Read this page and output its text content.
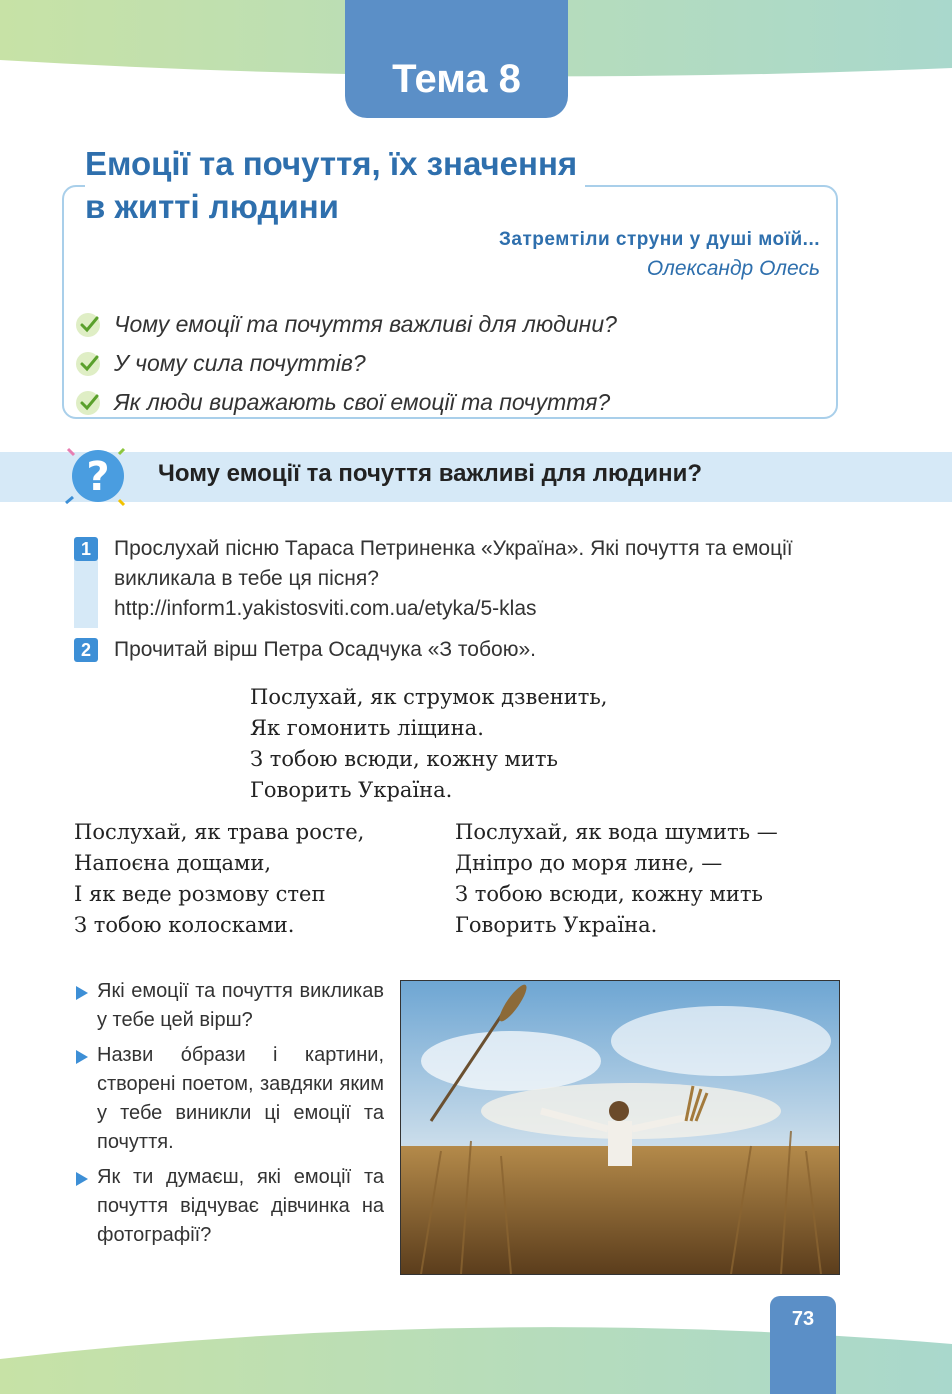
Тема 8
Емоції та почуття, їх значення
в житті людини
Затремтіли струни у душі моїй...
Олександр Олесь
Чому емоції та почуття важливі для людини?
У чому сила почуттів?
Як люди виражають свої емоції та почуття?
? Чому емоції та почуття важливі для людини?
1	Прослухай пісню Тараса Петриненка «Україна». Які почуття та емоції
викликала в тебе ця пісня?
http://inform1.yakistosviti.com.ua/etyka/5-klas
2	Прочитай вірш Петра Осадчука «З тобою».
Послухай, як струмок дзвенить,
Як гомонить ліщина.
З тобою всюди, кожну мить
Говорить Україна.
Послухай, як трава росте,
Напоєна дощами,
І як веде розмову степ
З тобою колосками.
Послухай, як вода шумить —
Дніпро до моря лине, —
З тобою всюди, кожну мить
Говорить Україна.
Які емоції та почуття викликав у тебе цей вірш?
Назви о́брази і картини, створені поетом, завдяки яким у тебе виникли ці емоції та почуття.
Як ти думаєш, які емоції та почуття відчуває дівчинка на фотографії?
73
